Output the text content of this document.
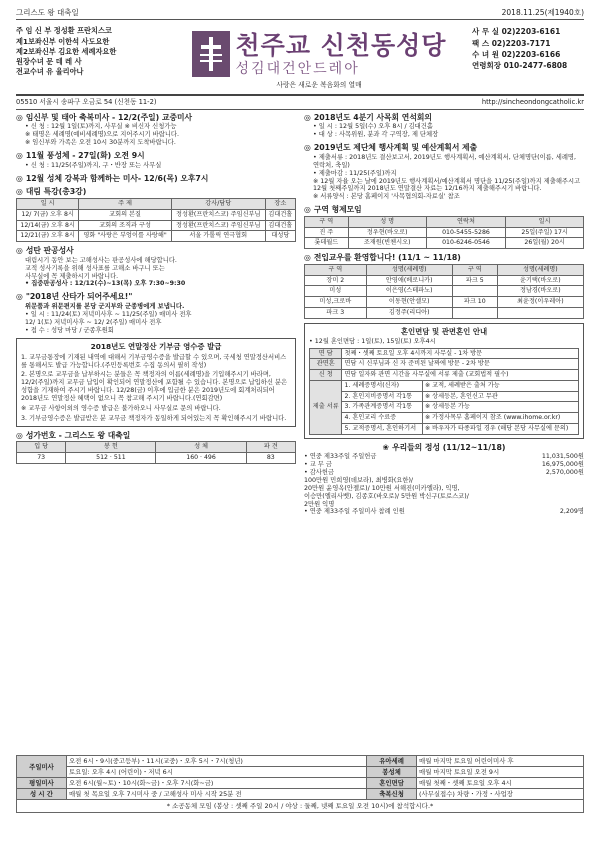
그리스도 왕 대축일	2018.11.25(제1940호)
주 임 신 부 정성환 프란치스코
제1보좌신부 이한석 사도요한
제2보좌신부 김요한 세례자요한
원장수녀 문 데 레 사
전교수녀 유 율리아나
천주교 신천동성당
성김대건안드레아
사랑은 새로운 복음화의 열매
사 무 실 02)2203-6161
팩 스 02)2203-7171
수 녀 원 02)2203-6166
연령회장 010-2477-6808
05510 서울시 송파구 오금로 54 (신천동 11-2)	http://sincheondongcatholic.kr
◎ 임신부 및 태아 축복미사 - 12/2(주일) 교중미사
• 신 청 : 12월 1일(토)까지, 사무실 ※ 비신자 신청가능
※ 태명은 세례명(예비세례명)으로 지어주시기 바랍니다.
※ 임신부와 가족은 오전 10시 30분까지 도착바랍니다.
◎ 11월 풍성체 - 27일(화) 오전 9시
• 신 청 : 11/25(주일)까지, 구・반장 또는 사무실
◎ 12월 성체 강복과 함께하는 미사- 12/6(목) 오후7시
◎ 대림 특강(총3강)
일 시	주 제	강사/담당	장소
12/ 7(금) 오후 8시	교회의 본질	정성환(프란치스코) 주임신부님	김대건홀
12/14(금) 오후 8시	교회의 조직과 구성	정성환(프란치스코) 주임신부님	김대건홀
12/21(금) 오후 8시	영화 "사랑은 부엉이를 사랑해"	서울 가톨릭 연극협회	대성당
◎ 성탄 판공성사
대림시기 동안 보는 고해성사는 판공성사에 해당합니다.
교적 성사기록을 위해 성사표를 고해소 바구니 또는
사무실에 꼭 제출하시기 바랍니다.
• 집중판공성사 : 12/12(수)~13(목) 오후 7:30~9:30
◎ "2018년 산타가 되어주세요!"
위문품과 위문편지를 본당 군지부와 군종병에게 보냅니다.
• 일 시 : 11/24(토) 저녁미사후 ~ 11/25(주일) 매미사 전후
12/ 1(토) 저녁미사후 ~ 12/ 2(주일) 매미사 전후
• 접 수 : 성당 마당 / 군종후원회
2018년도 연말정산 기부금 영수증 발급
1. 교무금통장에 기재된 내역에 대해서 기부금영수증을 발급할 수 있으며, 국세청 연말정산서비스를 통해서도 발급 가능합니다.(주민등록번호 수집 동의서 필히 작성)
2. 본명으로 교무금을 납부하시는 분들은 꼭 책정자의 이름(세례명)을 기입해주시기 바라며, 12/2(주일)까지 교무금 납입이 확인되어 연말정산에 포함될 수 있습니다. 본명으로 납입하신 분은 성함을 기재하여 주시기 바랍니다. 12/28(금) 이후에 입금한 분은 2019년도에 회계처리되어 2018년도 연말정산 혜택이 없으니 꼭 참고해 주시기 바랍니다.(연회감면)
※ 교무금 사항이외의 영수증 발급은 불가하오니 사무실로 문의 바랍니다.
3. 기부금영수증은 발급받은 분 교무금 책정자가 동일하게 되어있는지 꼭 확인해주시기 바랍니다.
◎ 성가번호 - 그리스도 왕 대축일
입 당	봉 헌	성 체	파 견
73	512 · 511	160 · 496	83
◎ 2018년도 4분기 사목회 연석회의
• 일 시 : 12월 5일(수) 오후 8시 / 김대건홀
• 대 상 : 사목위원, 분과 각 구역장, 제 단체장
◎ 2019년도 제단체 행사계획 및 예산계획서 제출
• 제출서류 : 2018년도 결산보고서, 2019년도 행사계획서, 예산계획서, 단체명단(이름, 세례명, 연락처, 축일)
• 제출마감 : 11/25(주일)까지
※ 12월 자율 오는 날에 2019년도 행사계획서/예산계획서 명단을 11/25(주일)까지 제출해주시고 12월 첫째주일까지 2018년도 연말결산 자료는 12/16까지 제출해주시기 바랍니다.
※ 서류양식 : 본당 홈페이지 '사목협의회-자료실' 참조
◎ 구역 형제모임
구 역	성 명	연락처	일시
진 주	정우현(바오로)	010-5455-5286	25일(주일) 17시
롯데월드	조재원(빈첸시오)	010-6246-0546	26일(월) 20시
◎ 전입교우를 환영합니다! (11/1 ~ 11/18)
구 역	성명(세례명)	구 역	성명(세례명)
장미 2	안영애(베로니카)	파크 5	윤기택(바오로)
미성	이은영(스테파노)		정남경(바오로)
미성,크로바	이동현(안셀모)	파크 10	최윤정(이우레아)
파크 3	김정주(리디아)		
혼인면담 및 관면혼인 안내
• 12월 혼인면담 : 1일(토), 15일(토) 오후4시
면 담	첫째・셋째 토요일 오후 4시까지 사무실 - 1차 방문	
관면혼	면담 시 신부님과 신 자 준비된 날짜에 방문 - 2차 방문	
신 청	면담 일자와 관면 시간을 사무실에 서류 제출 (교회법적 필수)	
제출 서류	1. 세례증명서(신자)	※ 교적, 세례받은 출처 가능
	2. 혼인지비증명서 각1통	※ 상세등본, 혼인신고 무관
	3. 가족관계증명서 각1통	※ 상세등본 가능
	4. 혼인교리 수료증	※ 가정사목부 홈페이지 참조 (www.ihome.or.kr)
	5. 교적증명서, 혼인하기서	※ 바우자가 타종파일 경우 (해당 본당 사무실에 문의)
❀ 우리들의 정성 (11/12~11/18)
• 연중 제33주일 주일헌금	11,031,500원
• 교 무 금	16,975,000원
• 감사헌금	2,570,000원
100만원 민희영(데보라), 최병화(요한)/
20만원 윤영옥(안젤로)/ 10만원 서해진(미카엘라), 익명,
이승만(엘리사벳), 김종호(바오로)/ 5만원 박신구(토로스코)/
2만원 익명
• 연중 제33주일 주일미사 참례 인원	2,209명
주일미사	오전 6시・9시(중고등부)・11시(교중)・오후 5시・7시(청년)	유아세례	매월 마지막 토요일 어린이미사 후
	토요일: 오후 4시 (어린이)・저녁 6시	봉성체	매월 마지막 토요일 오전 9시
평일미사	오전 6시(월~토)・10시(화~금)・오후 7시(화~금)	혼인면담	매월 첫째・셋째 토요일 오후 4시
성 시 간	매월 첫 목요일 오후 7시미사 중 / 고해성사 미사 시작 25분 전	축복신청	(사무실접수) 차량・가정・사업장
* 소공동체 모임 (봉상 : 셋째 주일 20시 / 야상 : 둘째, 넷째 토요일 오전 10시)에 참석합시다.*
